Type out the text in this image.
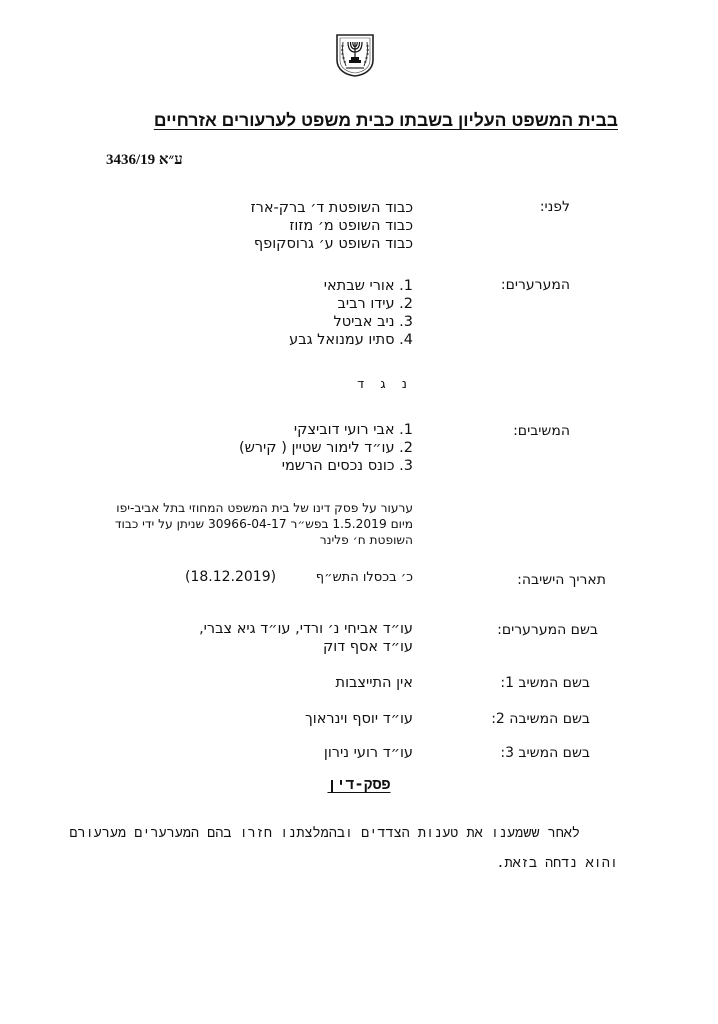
בבית המשפט העליון בשבתו כבית משפט לערעורים אזרחיים
ע״א 3436/19
לפני:
כבוד השופטת ד׳ ברק-ארז
כבוד השופט מ׳ מזוז
כבוד השופט ע׳ גרוסקופף
המערערים:
1. אורי שבתאי
2. עידו רביב
3. ניב אביטל
4. סתיו עמנואל גבע
נ ג ד
המשיבים:
1. אבי רועי דוביצקי
2. עו״ד לימור שטיין ( קירש)
3. כונס נכסים הרשמי
ערעור על פסק דינו של בית המשפט המחוזי בתל אביב-יפו
מיום 1.5.2019 בפש״ר 30966-04-17 שניתן על ידי כבוד
השופטת ח׳ פלינר
תאריך הישיבה:
כ׳ בכסלו התש״ף
(18.12.2019)
בשם המערערים:
עו״ד אביחי נ׳ ורדי, עו״ד גיא צברי,
עו״ד אסף דוק
בשם המשיב 1:
אין התייצבות
בשם המשיבה 2:
עו״ד יוסף וינראוך
בשם המשיב 3:
עו״ד רועי נירון
פסק-דין
לאחר ששמענו את טענות הצדדים ובהמלצתנו חזרו בהם המערערים מערעורם
והוא נדחה בזאת.
